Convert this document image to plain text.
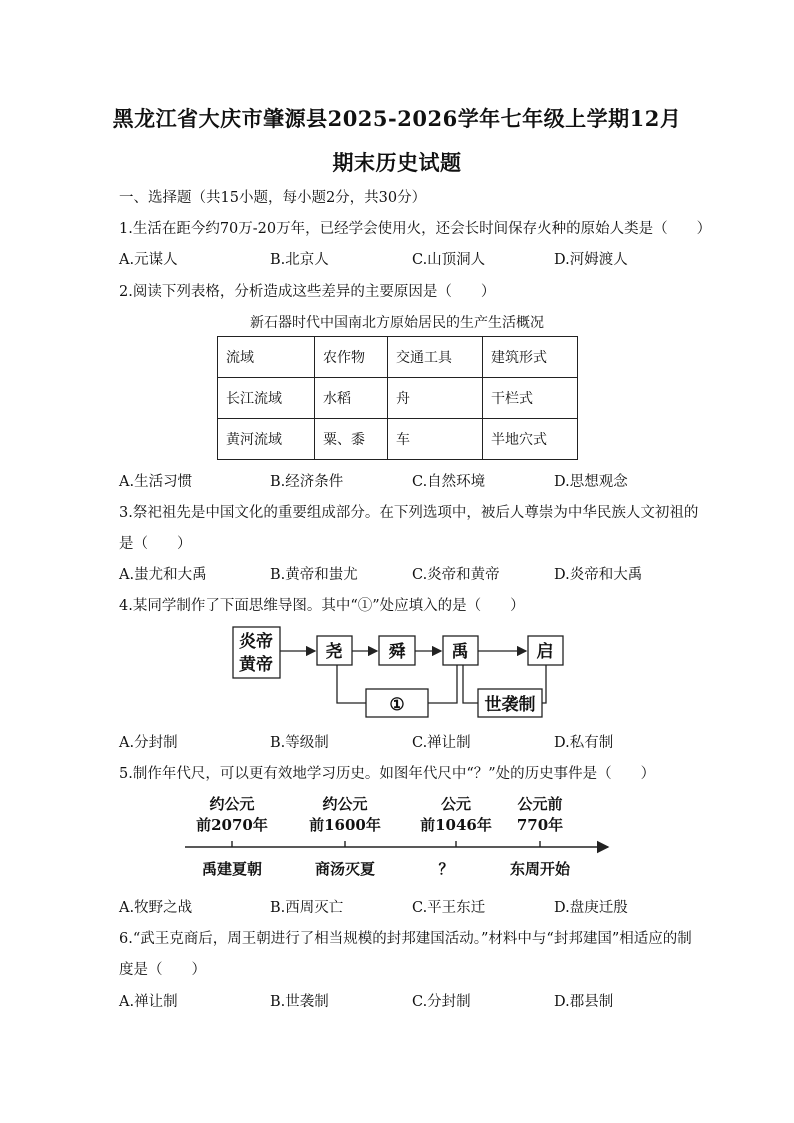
黑龙江省大庆市肇源县2025-2026学年七年级上学期12月
期末历史试题
一、选择题（共15小题，每小题2分，共30分）
1.生活在距今约70万-20万年，已经学会使用火，还会长时间保存火种的原始人类是（　　）
A.元谋人	B.北京人	C.山顶洞人	D.河姆渡人
2.阅读下列表格，分析造成这些差异的主要原因是（　　）
新石器时代中国南北方原始居民的生产生活概况
流域	农作物	交通工具	建筑形式
长江流域	水稻	舟	干栏式
黄河流域	粟、黍	车	半地穴式
A.生活习惯	B.经济条件	C.自然环境	D.思想观念
3.祭祀祖先是中国文化的重要组成部分。在下列选项中，被后人尊崇为中华民族人文初祖的
是（　　）
A.蚩尤和大禹	B.黄帝和蚩尤	C.炎帝和黄帝	D.炎帝和大禹
4.某同学制作了下面思维导图。其中“①”处应填入的是（　　）
炎帝
黄帝
尧	舜	禹	启
①	世袭制
A.分封制	B.等级制	C.禅让制	D.私有制
5.制作年代尺，可以更有效地学习历史。如图年代尺中“？”处的历史事件是（　　）
约公元
前2070年
禹建夏朝
约公元
前1600年
商汤灭夏
公元
前1046年
？
公元前
770年
东周开始
A.牧野之战	B.西周灭亡	C.平王东迁	D.盘庚迁殷
6.“武王克商后，周王朝进行了相当规模的封邦建国活动。”材料中与“封邦建国”相适应的制
度是（　　）
A.禅让制	B.世袭制	C.分封制	D.郡县制
